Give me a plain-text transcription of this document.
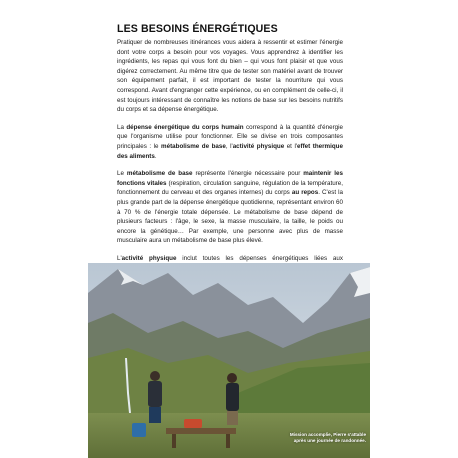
LES BESOINS ÉNERGÉTIQUES

Pratiquer de nombreuses itinérances vous aidera à ressentir et estimer l'énergie dont votre corps a besoin pour vos voyages. Vous apprendrez à identifier les ingrédients, les repas qui vous font du bien – qui vous font plaisir et que vous digérez correctement. Au même titre que de tester son matériel avant de trouver son équipement parfait, il est important de tester la nourriture qui vous correspond. Avant d'engranger cette expérience, ou en complément de celle-ci, il est toujours intéressant de connaître les notions de base sur les besoins nutritifs du corps et sa dépense énergétique.

La dépense énergétique du corps humain correspond à la quantité d'énergie que l'organisme utilise pour fonctionner. Elle se divise en trois composantes principales : le métabolisme de base, l'activité physique et l'effet thermique des aliments.

Le métabolisme de base représente l'énergie nécessaire pour maintenir les fonctions vitales (respiration, circulation sanguine, régulation de la température, fonctionnement du cerveau et des organes internes) du corps au repos. C'est la plus grande part de la dépense énergétique quotidienne, représentant environ 60 à 70 % de l'énergie totale dépensée. Le métabolisme de base dépend de plusieurs facteurs : l'âge, le sexe, la masse musculaire, la taille, le poids ou encore la génétique… Par exemple, une personne avec plus de masse musculaire aura un métabolisme de base plus élevé.

L'activité physique inclut toutes les dépenses énergétiques liées aux

Mission accomplie, Pierre s'attable
après une journée de randonnée.
